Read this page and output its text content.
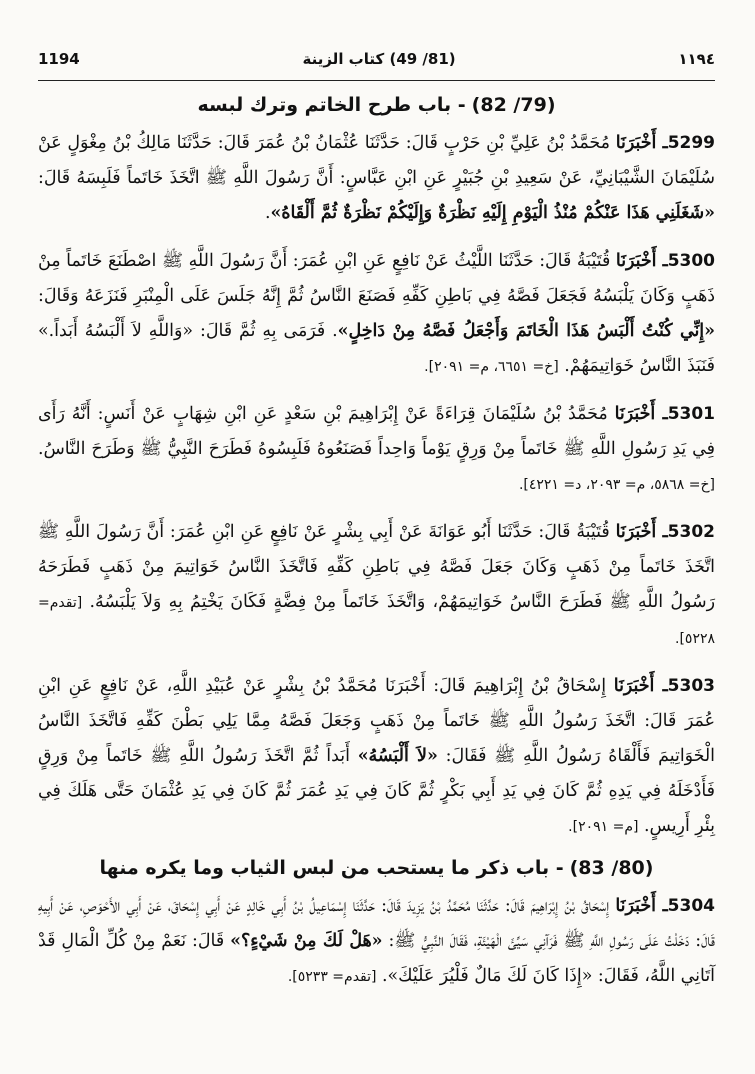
1194	(81/ 49) كتاب الزينة	١١٩٤
(79/ 82)- باب طرح الخاتم وترك لبسه

5299ـ أَخْبَرَنَا مُحَمَّدُ بْنُ عَلِيِّ بْنِ حَرْبٍ قَالَ: حَدَّثَنَا عُثْمَانُ بْنُ عُمَرَ قَالَ: حَدَّثَنَا مَالِكُ بْنُ مِغْوَلٍ عَنْ سُلَيْمَانَ الشَّيْبَانِيِّ، عَنْ سَعِيدِ بْنِ جُبَيْرٍ عَنِ ابْنِ عَبَّاسٍ: أَنَّ رَسُولَ اللَّهِ ﷺ اتَّخَذَ خَاتَماً فَلَبِسَهُ قَالَ: «شَغَلَنِي هَذَا عَنْكُمْ مُنْذُ الْيَوْمِ إِلَيْهِ نَظْرَةٌ وَإِلَيْكُمْ نَظْرَةٌ ثُمَّ أَلْقَاهُ».

5300ـ أَخْبَرَنَا قُتَيْبَةُ قَالَ: حَدَّثَنَا اللَّيْثُ عَنْ نَافِعٍ عَنِ ابْنِ عُمَرَ: أَنَّ رَسُولَ اللَّهِ ﷺ اصْطَنَعَ خَاتَماً مِنْ ذَهَبٍ وَكَانَ يَلْبَسُهُ فَجَعَلَ فَصَّهُ فِي بَاطِنِ كَفِّهِ فَصَنَعَ النَّاسُ ثُمَّ إِنَّهُ جَلَسَ عَلَى الْمِنْبَرِ فَنَزَعَهُ وَقَالَ: «إِنِّي كُنْتُ أَلْبَسُ هَذَا الْخَاتَمَ وَأَجْعَلُ فَصَّهُ مِنْ دَاخِلٍ». فَرَمَى بِهِ ثُمَّ قَالَ: «وَاللَّهِ لاَ أَلْبَسُهُ أَبَداً.» فَنَبَذَ النَّاسُ خَوَاتِيمَهُمْ. [خ= ٦٦٥١، م= ٢٠٩١].

5301ـ أَخْبَرَنَا مُحَمَّدُ بْنُ سُلَيْمَانَ قِرَاءَةً عَنْ إِبْرَاهِيمَ بْنِ سَعْدٍ عَنِ ابْنِ شِهَابٍ عَنْ أَنَسٍ: أَنَّهُ رَأَى فِي يَدِ رَسُولِ اللَّهِ ﷺ خَاتَماً مِنْ وَرِقٍ يَوْماً وَاحِداً فَصَنَعُوهُ فَلَبِسُوهُ فَطَرَحَ النَّبِيُّ ﷺ وَطَرَحَ النَّاسُ. [خ= ٥٨٦٨، م= ٢٠٩٣، د= ٤٢٢١].

5302ـ أَخْبَرَنَا قُتَيْبَةُ قَالَ: حَدَّثَنَا أَبُو عَوَانَةَ عَنْ أَبِي بِشْرٍ عَنْ نَافِعٍ عَنِ ابْنِ عُمَرَ: أَنَّ رَسُولَ اللَّهِ ﷺ اتَّخَذَ خَاتَماً مِنْ ذَهَبٍ وَكَانَ جَعَلَ فَصَّهُ فِي بَاطِنِ كَفِّهِ فَاتَّخَذَ النَّاسُ خَوَاتِيمَ مِنْ ذَهَبٍ فَطَرَحَهُ رَسُولُ اللَّهِ ﷺ فَطَرَحَ النَّاسُ خَوَاتِيمَهُمْ، وَاتَّخَذَ خَاتَماً مِنْ فِضَّةٍ فَكَانَ يَخْتِمُ بِهِ وَلاَ يَلْبَسُهُ. [تقدم= ٥٢٢٨].

5303ـ أَخْبَرَنَا إِسْحَاقُ بْنُ إِبْرَاهِيمَ قَالَ: أَخْبَرَنَا مُحَمَّدُ بْنُ بِشْرٍ عَنْ عُبَيْدِ اللَّهِ، عَنْ نَافِعٍ عَنِ ابْنِ عُمَرَ قَالَ: اتَّخَذَ رَسُولُ اللَّهِ ﷺ خَاتَماً مِنْ ذَهَبٍ وَجَعَلَ فَصَّهُ مِمَّا يَلِي بَطْنَ كَفِّهِ فَاتَّخَذَ النَّاسُ الْخَوَاتِيمَ فَأَلْقَاهُ رَسُولُ اللَّهِ ﷺ فَقَالَ: «لاَ أَلْبَسُهُ» أَبَداً ثُمَّ اتَّخَذَ رَسُولُ اللَّهِ ﷺ خَاتَماً مِنْ وَرِقٍ فَأَدْخَلَهُ فِي يَدِهِ ثُمَّ كَانَ فِي يَدِ أَبِي بَكْرٍ ثُمَّ كَانَ فِي يَدِ عُمَرَ ثُمَّ كَانَ فِي يَدِ عُثْمَانَ حَتَّى هَلَكَ فِي بِئْرِ أَرِيسٍ. [م= ٢٠٩١].

(80/ 83)- باب ذكر ما يستحب من لبس الثياب وما يكره منها

5304ـ أَخْبَرَنَا إِسْحَاقُ بْنُ إِبْرَاهِيمَ قَالَ: حَدَّثَنَا مُحَمَّدُ بْنُ يَزِيدَ قَالَ: حَدَّثَنَا إِسْمَاعِيلُ بْنُ أَبِي خَالِدٍ عَنْ أَبِي إِسْحَاقَ، عَنْ أَبِي الأَحْوَصِ، عَنْ أَبِيهِ قَالَ: دَخَلْتُ عَلَى رَسُولِ اللَّهِ ﷺ فَرَآنِي سَيِّئَ الْهَيْئَةِ، فَقَالَ النَّبِيُّ ﷺ: «هَلْ لَكَ مِنْ شَيْءٍ؟» قَالَ: نَعَمْ مِنْ كُلِّ الْمَالِ قَدْ آتَانِي اللَّهُ، فَقَالَ: «إِذَا كَانَ لَكَ مَالٌ فَلْيُرَ عَلَيْكَ». [تقدم= ٥٢٣٣].
